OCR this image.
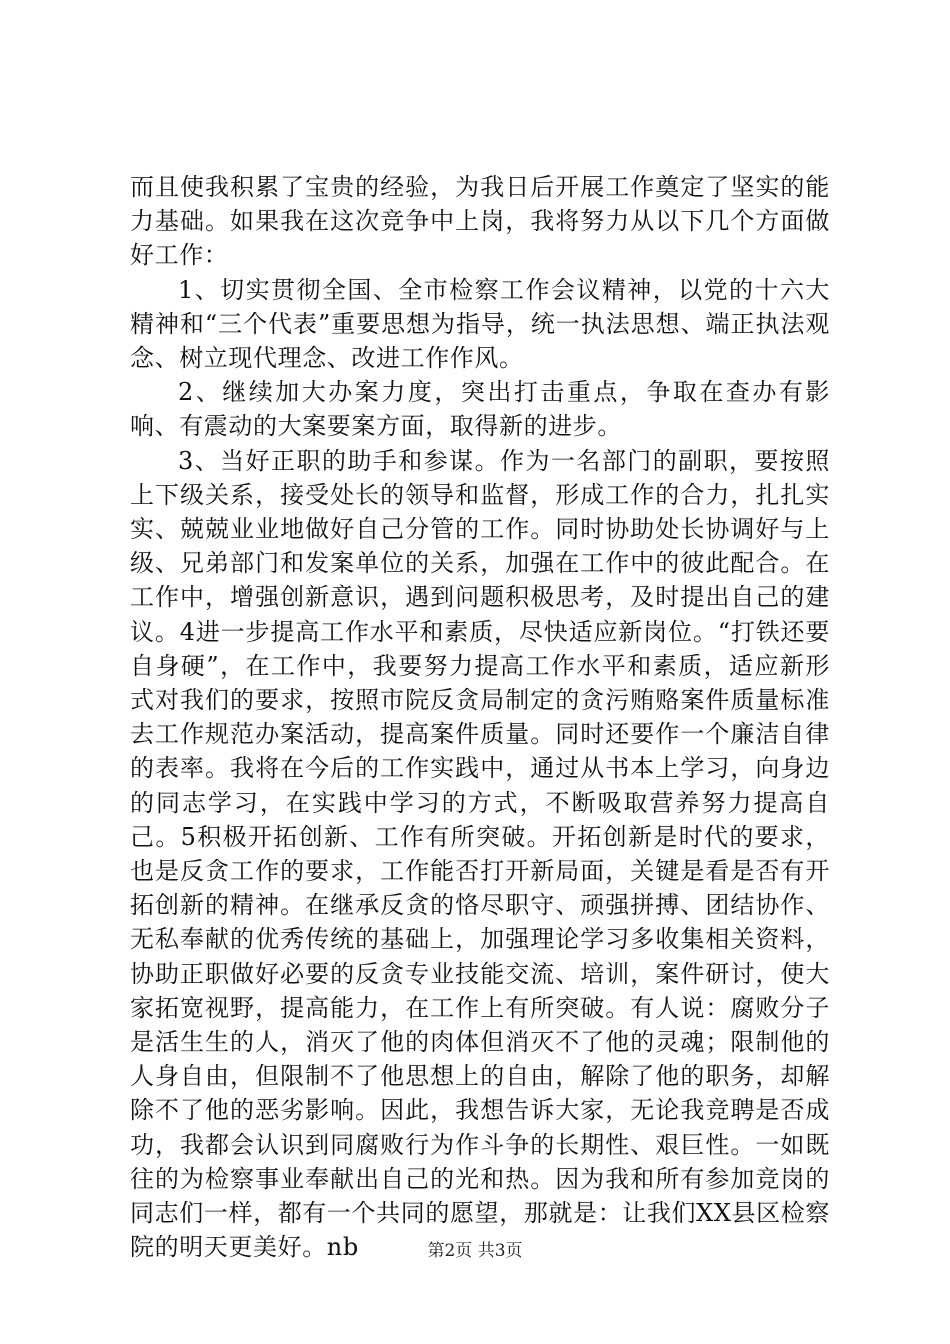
而且使我积累了宝贵的经验，为我日后开展工作奠定了坚实的能力基础。如果我在这次竞争中上岗，我将努力从以下几个方面做好工作：

1、切实贯彻全国、全市检察工作会议精神，以党的十六大精神和“三个代表”重要思想为指导，统一执法思想、端正执法观念、树立现代理念、改进工作作风。

2、继续加大办案力度，突出打击重点，争取在查办有影响、有震动的大案要案方面，取得新的进步。

3、当好正职的助手和参谋。作为一名部门的副职，要按照上下级关系，接受处长的领导和监督，形成工作的合力，扎扎实实、兢兢业业地做好自己分管的工作。同时协助处长协调好与上级、兄弟部门和发案单位的关系，加强在工作中的彼此配合。在工作中，增强创新意识，遇到问题积极思考，及时提出自己的建议。4进一步提高工作水平和素质，尽快适应新岗位。“打铁还要自身硬”，在工作中，我要努力提高工作水平和素质，适应新形式对我们的要求，按照市院反贪局制定的贪污贿赂案件质量标准去工作规范办案活动，提高案件质量。同时还要作一个廉洁自律的表率。我将在今后的工作实践中，通过从书本上学习，向身边的同志学习，在实践中学习的方式，不断吸取营养努力提高自己。5积极开拓创新、工作有所突破。开拓创新是时代的要求，也是反贪工作的要求，工作能否打开新局面，关键是看是否有开拓创新的精神。在继承反贪的恪尽职守、顽强拼搏、团结协作、无私奉献的优秀传统的基础上，加强理论学习多收集相关资料，协助正职做好必要的反贪专业技能交流、培训，案件研讨，使大家拓宽视野，提高能力，在工作上有所突破。有人说：腐败分子是活生生的人，消灭了他的肉体但消灭不了他的灵魂；限制他的人身自由，但限制不了他思想上的自由，解除了他的职务，却解除不了他的恶劣影响。因此，我想告诉大家，无论我竞聘是否成功，我都会认识到同腐败行为作斗争的长期性、艰巨性。一如既往的为检察事业奉献出自己的光和热。因为我和所有参加竞岗的同志们一样，都有一个共同的愿望，那就是：让我们XX县区检察院的明天更美好。nb	第2页 共3页
